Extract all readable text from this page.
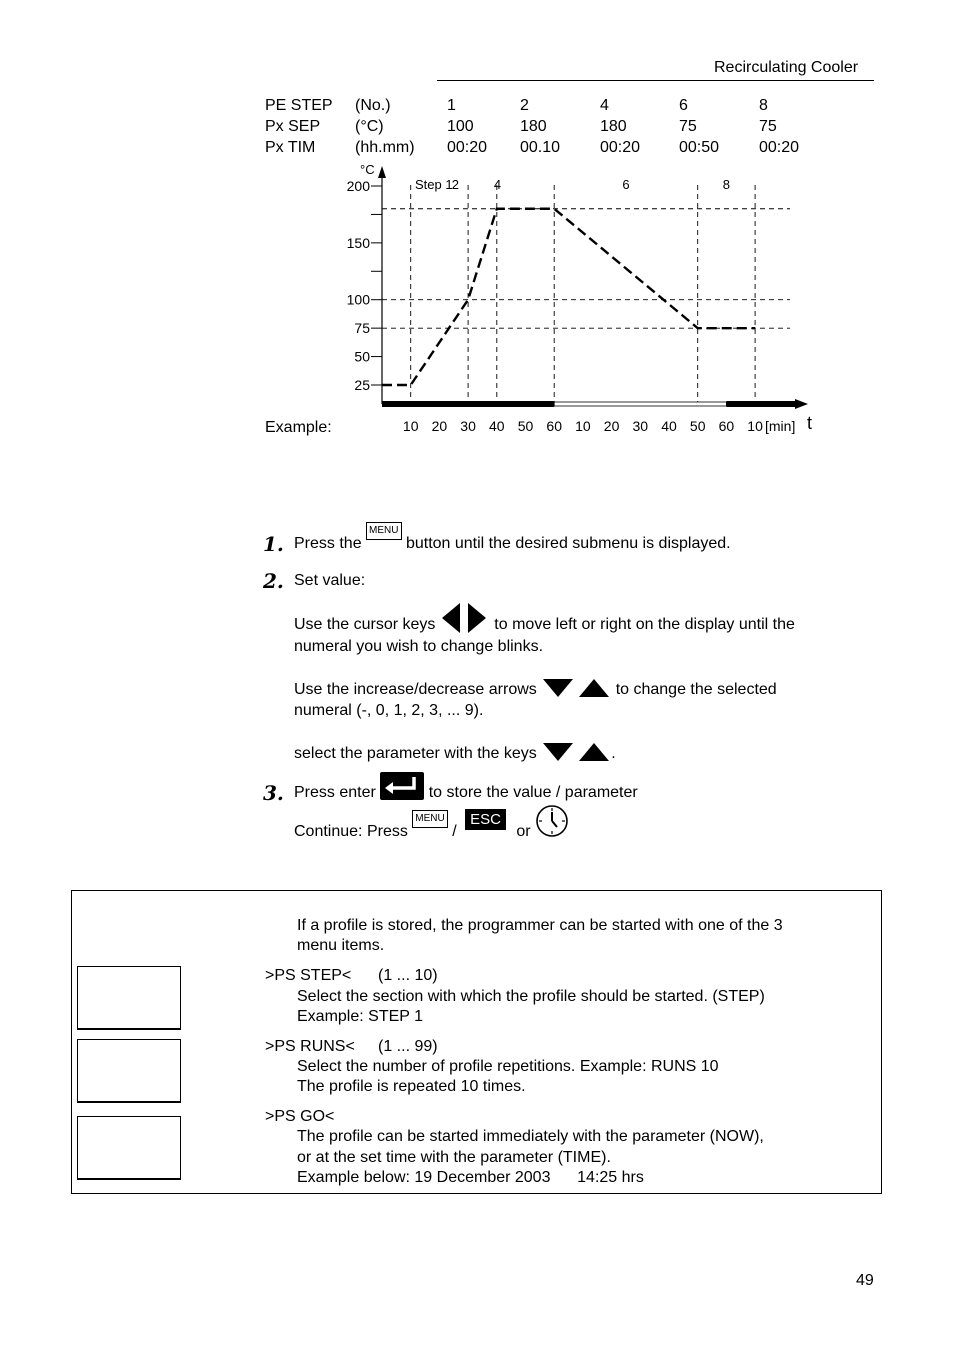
Recirculating Cooler
PE STEP (No.)	1	2	4	6	8
Px SEP (°C)	100	180	180	75	75
Px TIM (hh.mm) 00:20 00.10 00:20 00:50 00:20
Example:
°C
200
150
100
75
50
25
Step 1 2	4	6	8
10 20 30 40 50 60 10 20 30 40 50 60 10 [min] t
1. Press the MENU button until the desired submenu is displayed.
2. Set value:
Use the cursor keys	to move left or right on the display until the
numeral you wish to change blinks.
Use the increase/decrease arrows	to change the selected
numeral (-, 0, 1, 2, 3, ... 9).
select the parameter with the keys	.
3. Press enter	to store the value / parameter
Continue: Press MENU / ESC or
If a profile is stored, the programmer can be started with one of the 3
menu items.
>PS STEP< (1 ... 10)
Select the section with which the profile should be started. (STEP)
Example: STEP 1
>PS RUNS< (1 ... 99)
Select the number of profile repetitions. Example: RUNS 10
The profile is repeated 10 times.
>PS GO<
The profile can be started immediately with the parameter (NOW),
or at the set time with the parameter (TIME).
Example below: 19 December 2003      14:25 hrs
49
